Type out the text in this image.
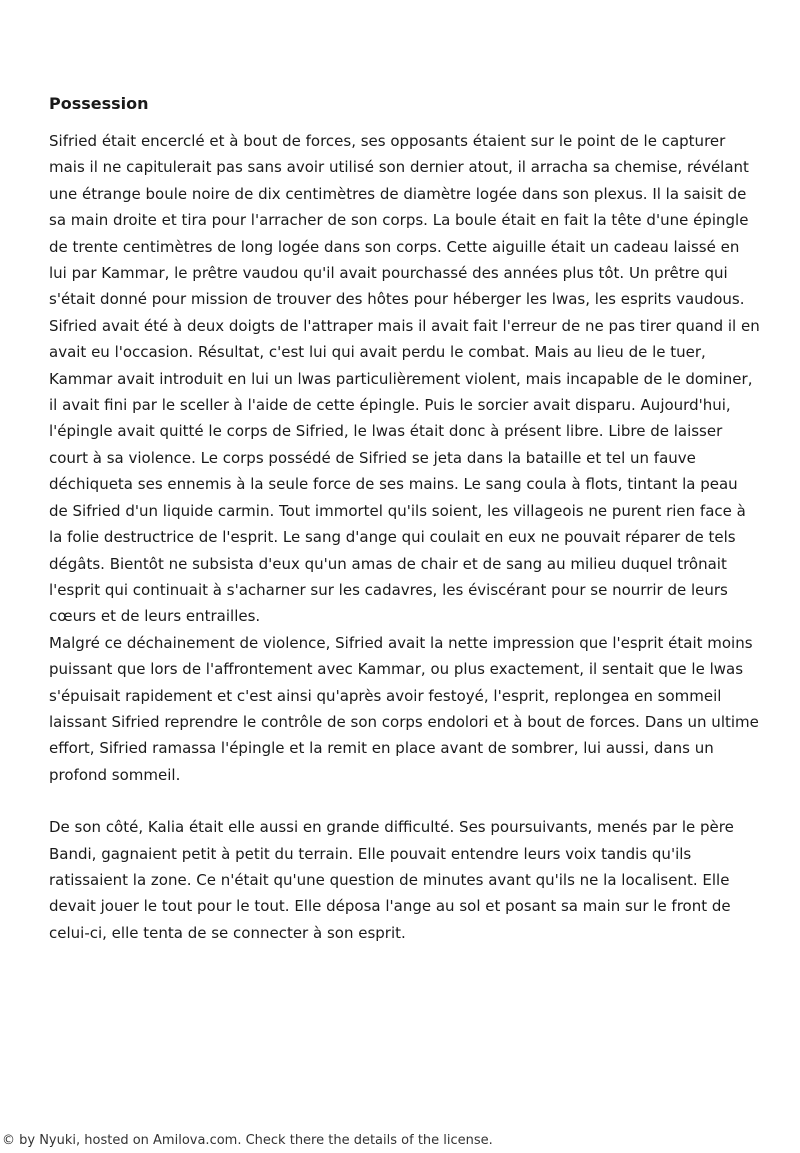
Possession

Sifried était encerclé et à bout de forces, ses opposants étaient sur le point de le capturer mais il ne capitulerait pas sans avoir utilisé son dernier atout, il arracha sa chemise, révélant une étrange boule noire de dix centimètres de diamètre logée dans son plexus. Il la saisit de sa main droite et tira pour l'arracher de son corps. La boule était en fait la tête d'une épingle de trente centimètres de long logée dans son corps. Cette aiguille était un cadeau laissé en lui par Kammar, le prêtre vaudou qu'il avait pourchassé des années plus tôt. Un prêtre qui s'était donné pour mission de trouver des hôtes pour héberger les lwas, les esprits vaudous. Sifried avait été à deux doigts de l'attraper mais il avait fait l'erreur de ne pas tirer quand il en avait eu l'occasion. Résultat, c'est lui qui avait perdu le combat. Mais au lieu de le tuer, Kammar avait introduit en lui un lwas particulièrement violent, mais incapable de le dominer, il avait fini par le sceller à l'aide de cette épingle. Puis le sorcier avait disparu. Aujourd'hui, l'épingle avait quitté le corps de Sifried, le lwas était donc à présent libre. Libre de laisser court à sa violence. Le corps possédé de Sifried se jeta dans la bataille et tel un fauve déchiqueta ses ennemis à la seule force de ses mains. Le sang coula à flots, tintant la peau de Sifried d'un liquide carmin. Tout immortel qu'ils soient, les villageois ne purent rien face à la folie destructrice de l'esprit. Le sang d'ange qui coulait en eux ne pouvait réparer de tels dégâts. Bientôt ne subsista d'eux qu'un amas de chair et de sang au milieu duquel trônait l'esprit qui continuait à s'acharner sur les cadavres, les éviscérant pour se nourrir de leurs cœurs et de leurs entrailles.

Malgré ce déchainement de violence, Sifried avait la nette impression que l'esprit était moins puissant que lors de l'affrontement avec Kammar, ou plus exactement, il sentait que le lwas s'épuisait rapidement et c'est ainsi qu'après avoir festoyé, l'esprit, replongea en sommeil laissant Sifried reprendre le contrôle de son corps endolori et à bout de forces. Dans un ultime effort, Sifried ramassa l'épingle et la remit en place avant de sombrer, lui aussi, dans un profond sommeil.

De son côté, Kalia était elle aussi en grande difficulté. Ses poursuivants, menés par le père Bandi, gagnaient petit à petit du terrain. Elle pouvait entendre leurs voix tandis qu'ils ratissaient la zone. Ce n'était qu'une question de minutes avant qu'ils ne la localisent. Elle devait jouer le tout pour le tout. Elle déposa l'ange au sol et posant sa main sur le front de celui-ci, elle tenta de se connecter à son esprit.

© by Nyuki, hosted on Amilova.com. Check there the details of the license.
